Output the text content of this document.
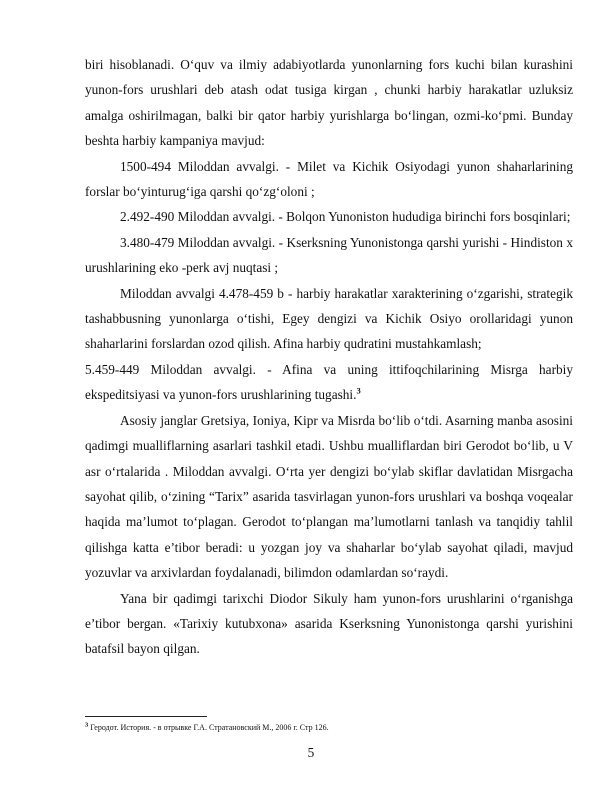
biri hisoblanadi. O‘quv va ilmiy adabiyotlarda yunonlarning fors kuchi bilan kurashini yunon-fors urushlari deb atash odat tusiga kirgan , chunki harbiy harakatlar uzluksiz amalga oshirilmagan, balki bir qator harbiy yurishlarga bo‘lingan, ozmi-ko‘pmi. Bunday beshta harbiy kampaniya mavjud:

1500-494 Miloddan avvalgi. - Milet va Kichik Osiyodagi yunon shaharlarining forslar bo‘yinturug‘iga qarshi qo‘zg‘oloni ;

2.492-490 Miloddan avvalgi. - Bolqon Yunoniston hududiga birinchi fors bosqinlari;

3.480-479 Miloddan avvalgi. - Kserksning Yunonistonga qarshi yurishi - Hindiston x urushlarining eko -perk avj nuqtasi ;

Miloddan avvalgi 4.478-459 b - harbiy harakatlar xarakterining o‘zgarishi, strategik tashabbusning yunonlarga o‘tishi, Egey dengizi va Kichik Osiyo orollaridagi yunon shaharlarini forslardan ozod qilish. Afina harbiy qudratini mustahkamlash;

5.459-449 Miloddan avvalgi. - Afina va uning ittifoqchilarining Misrga harbiy ekspeditsiyasi va yunon-fors urushlarining tugashi.$^3$

Asosiy janglar Gretsiya, Ioniya, Kipr va Misrda bo‘lib o‘tdi. Asarning manba asosini qadimgi mualliflarning asarlari tashkil etadi. Ushbu mualliflardan biri Gerodot bo‘lib, u V asr o‘rtalarida . Miloddan avvalgi. O‘rta yer dengizi bo‘ylab skiflar davlatidan Misrgacha sayohat qilib, o‘zining “Tarix” asarida tasvirlagan yunon-fors urushlari va boshqa voqealar haqida ma’lumot to‘plagan. Gerodot to‘plangan ma’lumotlarni tanlash va tanqidiy tahlil qilishga katta e’tibor beradi: u yozgan joy va shaharlar bo‘ylab sayohat qiladi, mavjud yozuvlar va arxivlardan foydalanadi, bilimdon odamlardan so‘raydi.

Yana bir qadimgi tarixchi Diodor Sikuly ham yunon-fors urushlarini o‘rganishga e’tibor bergan. «Tarixiy kutubxona» asarida Kserksning Yunonistonga qarshi yurishini batafsil bayon qilgan.

$^3$ Геродот. История. - в отрывке Г.А. Стратановский М., 2006 г. Стр 126.
5
